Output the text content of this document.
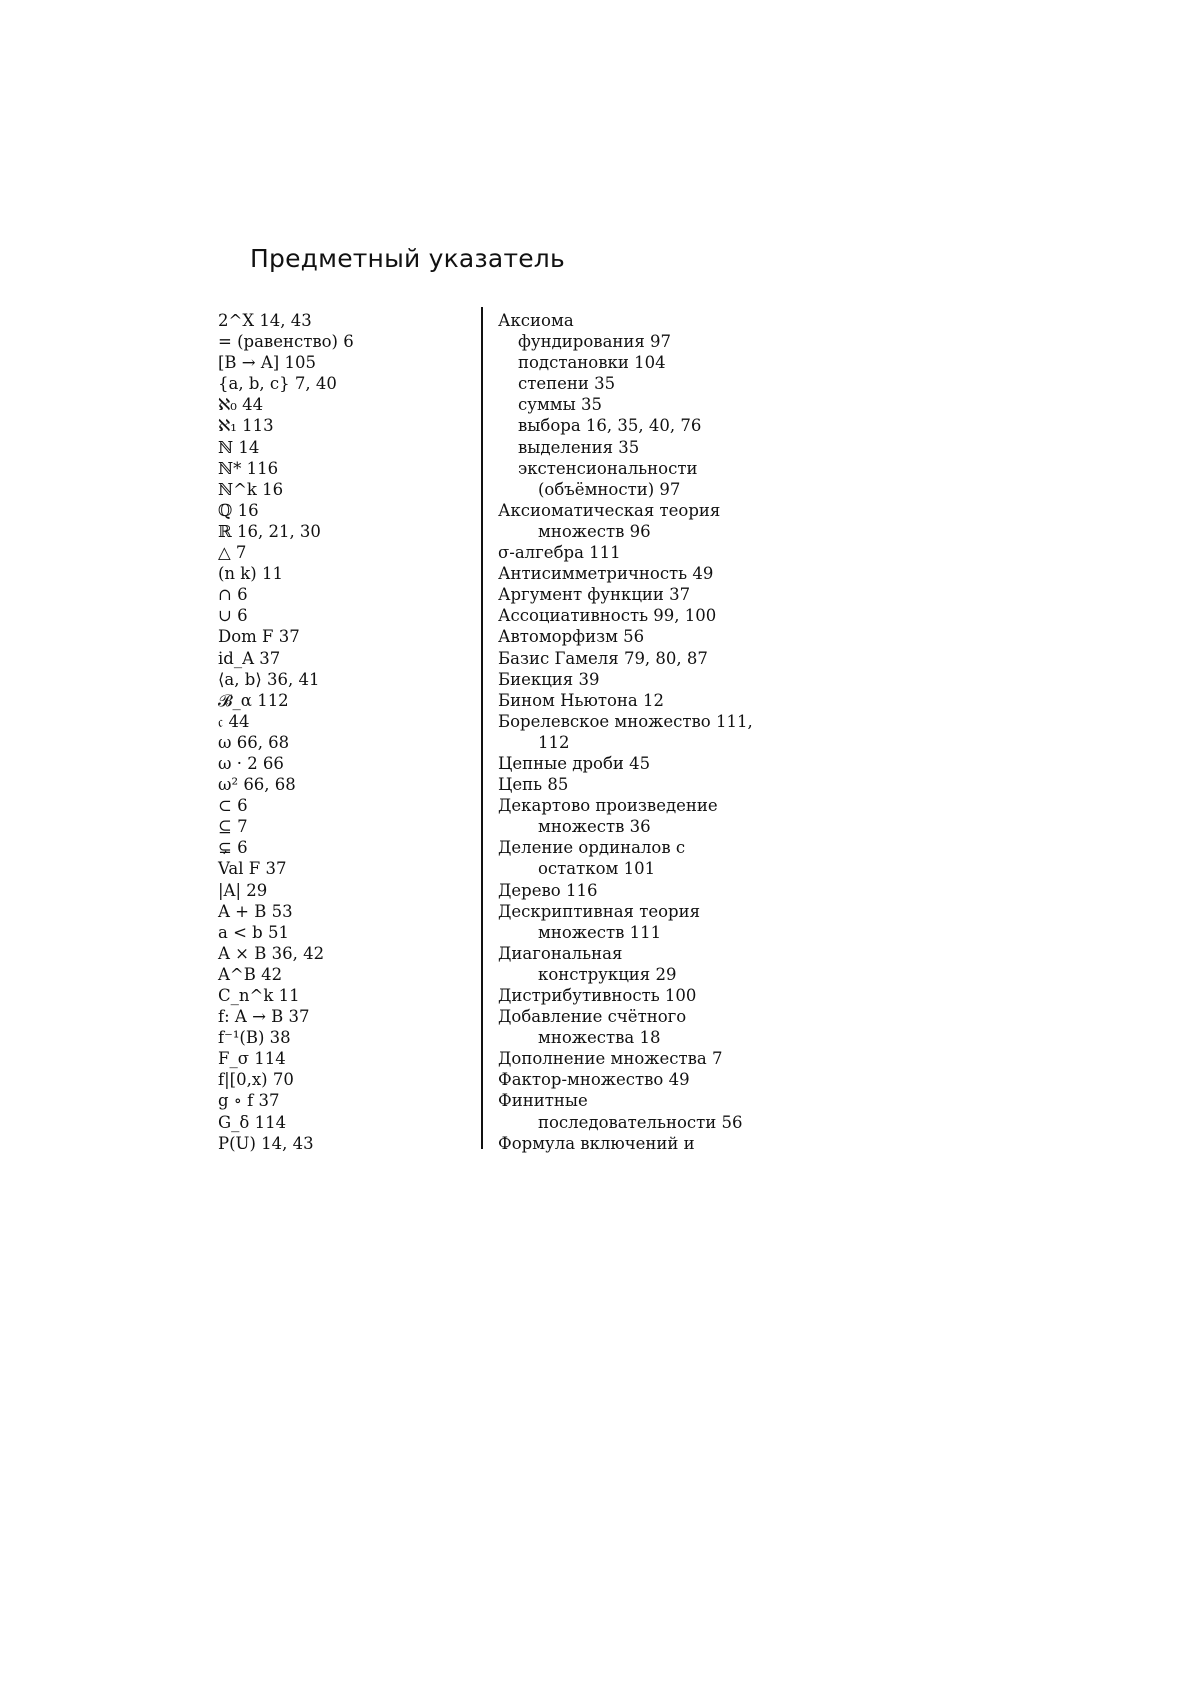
Предметный указатель
2^X 14, 43
= (равенство) 6
[B → A] 105
{a, b, c} 7, 40
ℵ₀ 44
ℵ₁ 113
ℕ 14
ℕ* 116
ℕ^k 16
ℚ 16
ℝ 16, 21, 30
△ 7
(n k) 11
∩ 6
∪ 6
Dom F 37
id_A 37
⟨a, b⟩ 36, 41
𝓑_α 112
𝔠 44
ω 66, 68
ω · 2 66
ω² 66, 68
⊂ 6
⊆ 7
⊊ 6
Val F 37
|A| 29
A + B 53
a < b 51
A × B 36, 42
A^B 42
C_n^k 11
f: A → B 37
f⁻¹(B) 38
F_σ 114
f|[0,x) 70
g ∘ f 37
G_δ 114
P(U) 14, 43
Аксиома
фундирования 97
подстановки 104
степени 35
суммы 35
выбора 16, 35, 40, 76
выделения 35
экстенсиональности
(объёмности) 97
Аксиоматическая теория
множеств 96
σ-алгебра 111
Антисимметричность 49
Аргумент функции 37
Ассоциативность 99, 100
Автоморфизм 56
Базис Гамеля 79, 80, 87
Биекция 39
Бином Ньютона 12
Борелевское множество 111,
112
Цепные дроби 45
Цепь 85
Декартово произведение
множеств 36
Деление ординалов с
остатком 101
Дерево 116
Дескриптивная теория
множеств 111
Диагональная
конструкция 29
Дистрибутивность 100
Добавление счётного
множества 18
Дополнение множества 7
Фактор-множество 49
Финитные
последовательности 56
Формула включений и
